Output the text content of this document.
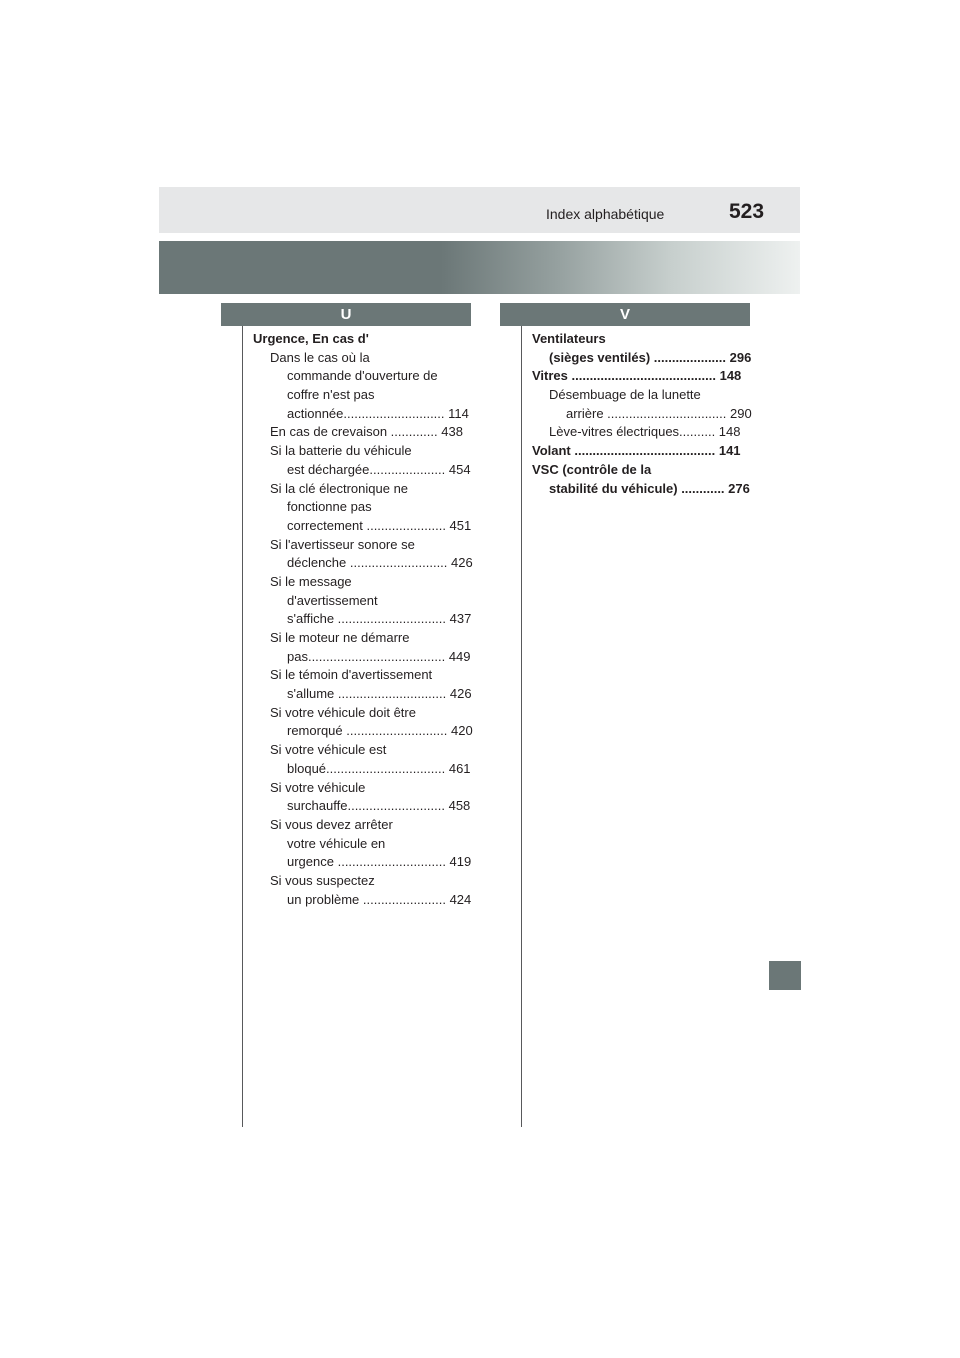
Index alphabétique	523
U	V
Urgence, En cas d'
Dans le cas où la
commande d'ouverture de
coffre n'est pas
actionnée............................ 114
En cas de crevaison ............. 438
Si la batterie du véhicule
est déchargée..................... 454
Si la clé électronique ne
fonctionne pas
correctement ...................... 451
Si l'avertisseur sonore se
déclenche ........................... 426
Si le message
d'avertissement
s'affiche .............................. 437
Si le moteur ne démarre
pas...................................... 449
Si le témoin d'avertissement
s'allume .............................. 426
Si votre véhicule doit être
remorqué ............................ 420
Si votre véhicule est
bloqué................................. 461
Si votre véhicule
surchauffe........................... 458
Si vous devez arrêter
votre véhicule en
urgence .............................. 419
Si vous suspectez
un problème ....................... 424
Ventilateurs
(sièges ventilés) .................... 296
Vitres ........................................ 148
Désembuage de la lunette
arrière ................................. 290
Lève-vitres électriques.......... 148
Volant ....................................... 141
VSC (contrôle de la
stabilité du véhicule) ............ 276
